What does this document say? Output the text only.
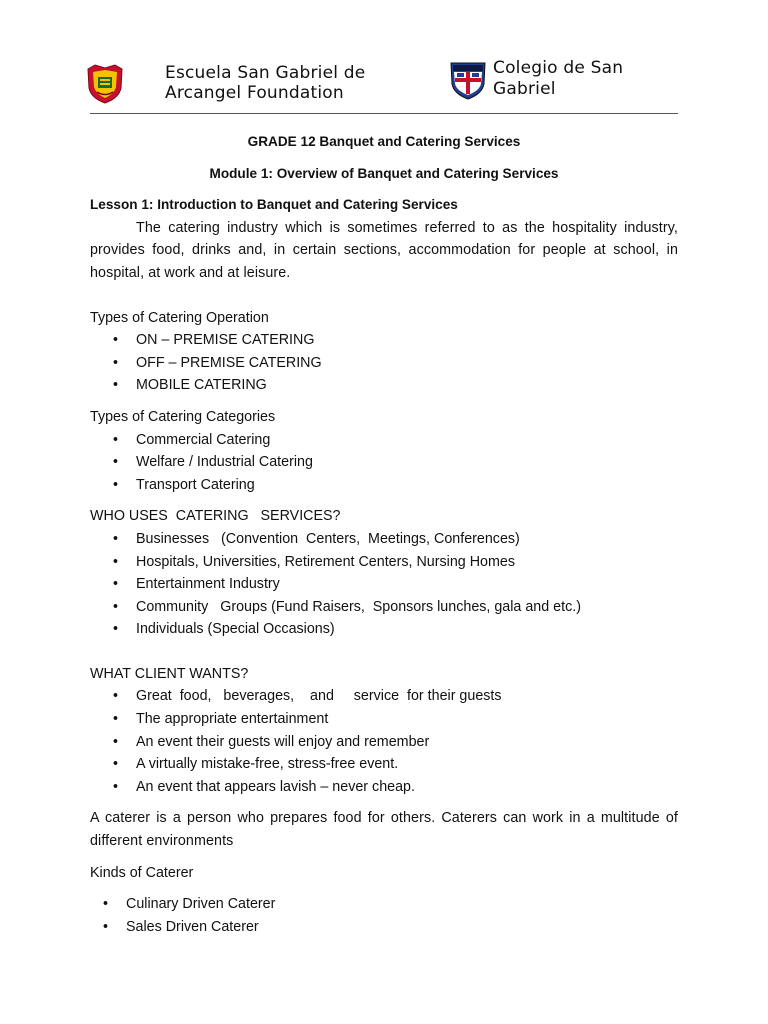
Escuela San Gabriel de Arcangel Foundation
Colegio de San Gabriel

GRADE 12 Banquet and Catering Services

Module 1: Overview of Banquet and Catering Services

Lesson 1: Introduction to Banquet and Catering Services

The catering industry which is sometimes referred to as the hospitality industry, provides food, drinks and, in certain sections, accommodation for people at school, in hospital, at work and at leisure.

Types of Catering Operation

• ON – PREMISE CATERING
• OFF – PREMISE CATERING
• MOBILE CATERING

Types of Catering Categories

• Commercial Catering
• Welfare / Industrial Catering
• Transport Catering

WHO USES  CATERING   SERVICES?

• Businesses   (Convention  Centers,  Meetings, Conferences)
• Hospitals, Universities, Retirement Centers, Nursing Homes
• Entertainment Industry
• Community   Groups (Fund Raisers,  Sponsors lunches, gala and etc.)
• Individuals (Special Occasions)

WHAT CLIENT WANTS?

• Great  food,   beverages,    and     service  for their guests
• The appropriate entertainment
• An event their guests will enjoy and remember
• A virtually mistake-free, stress-free event.
• An event that appears lavish – never cheap.

A caterer is a person who prepares food for others. Caterers can work in a multitude of different environments

Kinds of Caterer

• Culinary Driven Caterer
• Sales Driven Caterer
